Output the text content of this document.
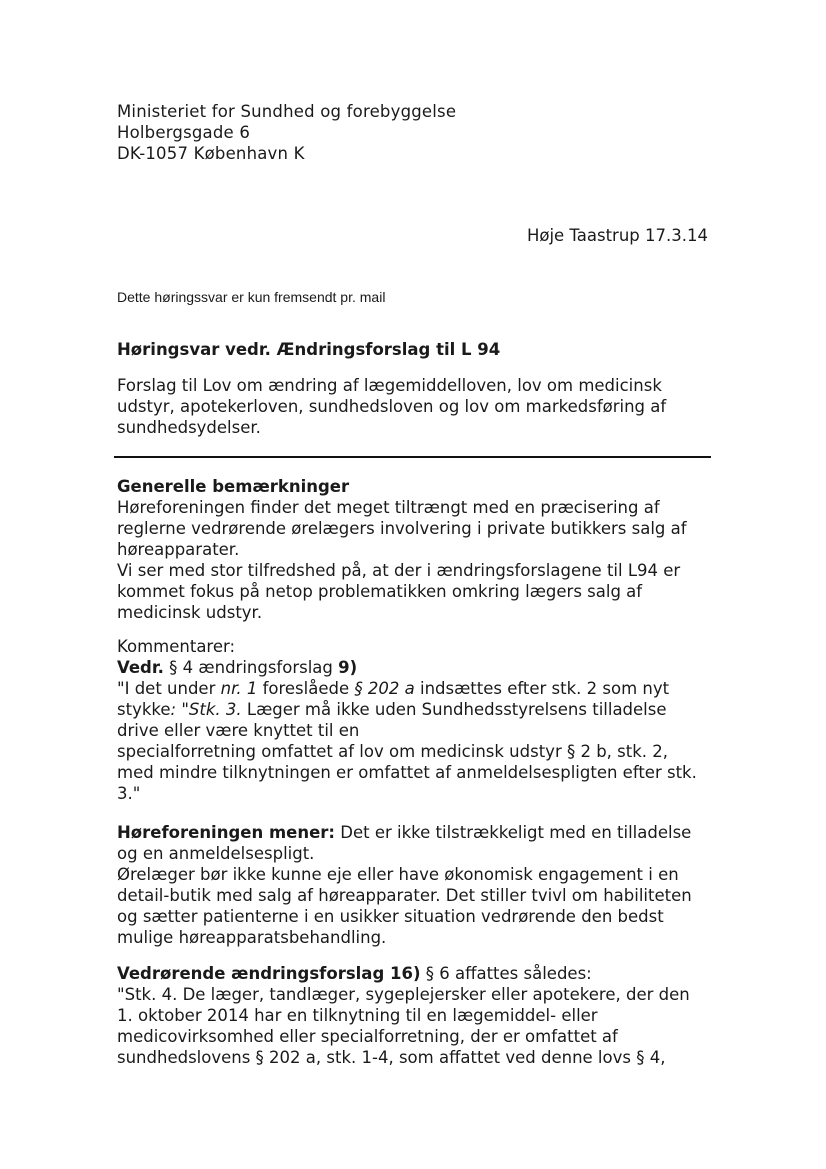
Ministeriet for Sundhed og forebyggelse
Holbergsgade 6
DK-1057 København K
Høje Taastrup 17.3.14
Dette høringssvar er kun fremsendt pr. mail
Høringsvar vedr. Ændringsforslag til L 94
Forslag til Lov om ændring af lægemiddelloven, lov om medicinsk
udstyr, apotekerloven, sundhedsloven og lov om markedsføring af
sundhedsydelser.
Generelle bemærkninger
Høreforeningen finder det meget tiltrængt med en præcisering af
reglerne vedrørende ørelægers involvering i private butikkers salg af
høreapparater.
Vi ser med stor tilfredshed på, at der i ændringsforslagene til L94 er
kommet fokus på netop problematikken omkring lægers salg af
medicinsk udstyr.
Kommentarer:
Vedr. § 4 ændringsforslag 9)
"I det under nr. 1 foreslåede § 202 a indsættes efter stk. 2 som nyt
stykke: "Stk. 3. Læger må ikke uden Sundhedsstyrelsens tilladelse
drive eller være knyttet til en
specialforretning omfattet af lov om medicinsk udstyr § 2 b, stk. 2,
med mindre tilknytningen er omfattet af anmeldelsespligten efter stk.
3."
Høreforeningen mener: Det er ikke tilstrækkeligt med en tilladelse
og en anmeldelsespligt.
Ørelæger bør ikke kunne eje eller have økonomisk engagement i en
detail-butik med salg af høreapparater. Det stiller tvivl om habiliteten
og sætter patienterne i en usikker situation vedrørende den bedst
mulige høreapparatsbehandling.
Vedrørende ændringsforslag 16) § 6 affattes således:
"Stk. 4. De læger, tandlæger, sygeplejersker eller apotekere, der den
1. oktober 2014 har en tilknytning til en lægemiddel- eller
medicovirksomhed eller specialforretning, der er omfattet af
sundhedslovens § 202 a, stk. 1-4, som affattet ved denne lovs § 4,
